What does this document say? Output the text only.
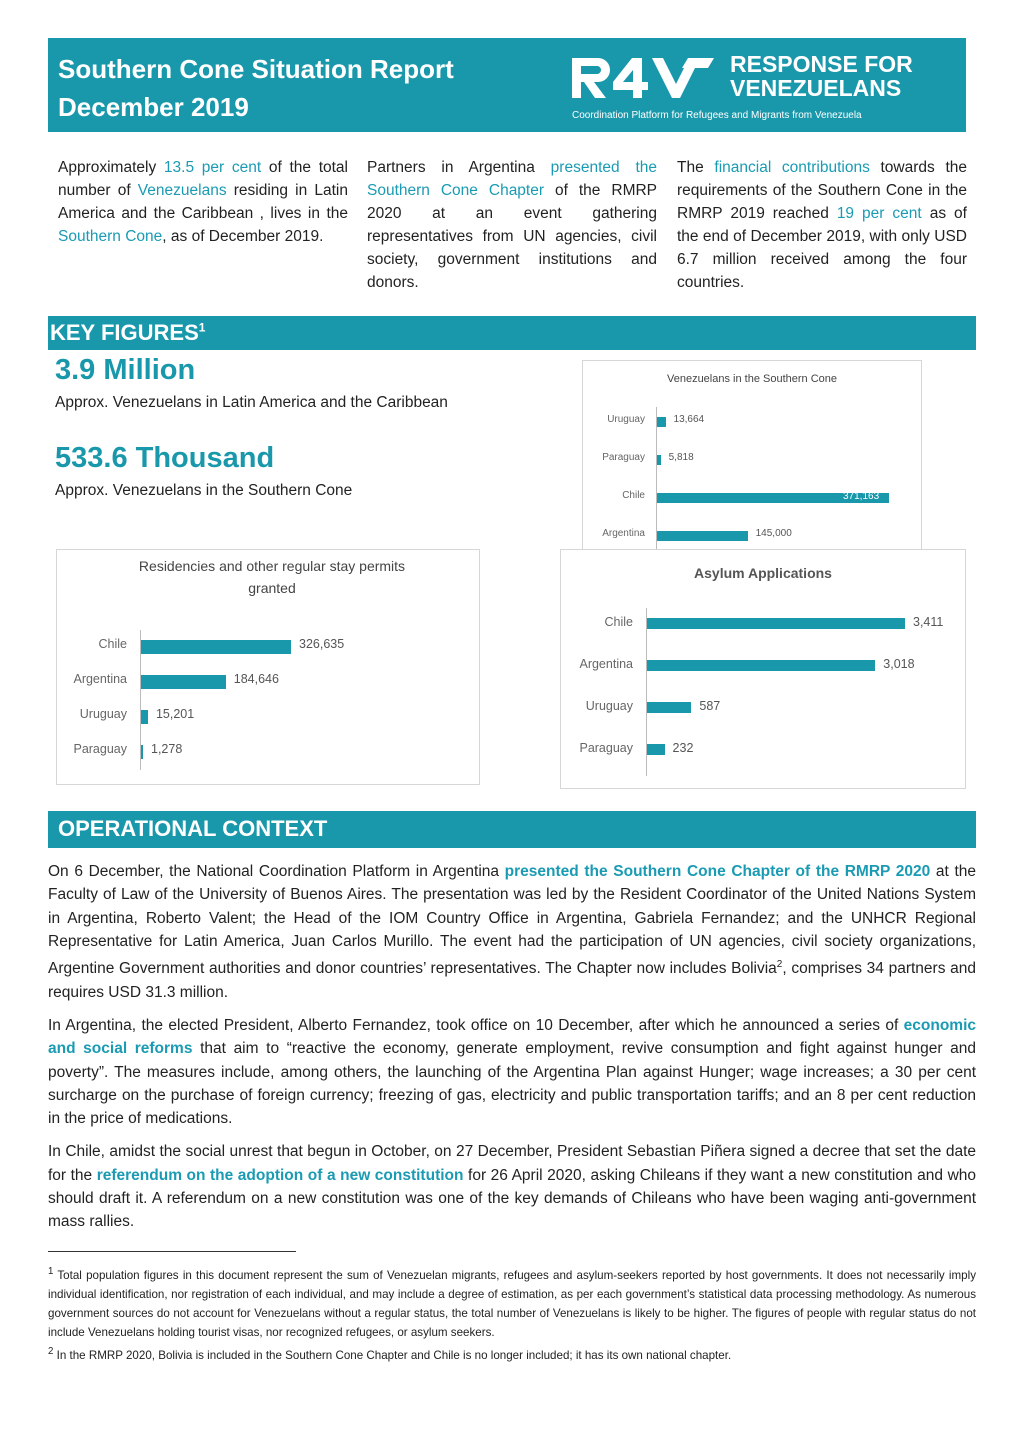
Southern Cone Situation Report
December 2019
RESPONSE FOR
VENEZUELANS
Coordination Platform for Refugees and Migrants from Venezuela
Approximately 13.5 per cent of the total number of Venezuelans residing in Latin America and the Caribbean , lives in the Southern Cone, as of December 2019.
Partners in Argentina presented the Southern Cone Chapter of the RMRP 2020 at an event gathering representatives from UN agencies, civil society, government institutions and donors.
The financial contributions towards the requirements of the Southern Cone in the RMRP 2019 reached 19 per cent as of the end of December 2019, with only USD 6.7 million received among the four countries.
KEY FIGURES$^1$
3.9 Million
Approx. Venezuelans in Latin America and the Caribbean
533.6 Thousand
Approx. Venezuelans in the Southern Cone
Venezuelans in the Southern Cone
Uruguay	13,664
Paraguay 5,818
Chile	371,163
Argentina	145,000
Residencies and other regular stay permits granted
Chile	326,635
Argentina	184,646
Uruguay 15,201
Paraguay 1,278
Asylum Applications
Chile	3,411
Argentina	3,018
Uruguay	587
Paraguay	232
OPERATIONAL CONTEXT

On 6 December, the National Coordination Platform in Argentina presented the Southern Cone Chapter of the RMRP 2020 at the Faculty of Law of the University of Buenos Aires. The presentation was led by the Resident Coordinator of the United Nations System in Argentina, Roberto Valent; the Head of the IOM Country Office in Argentina, Gabriela Fernandez; and the UNHCR Regional Representative for Latin America, Juan Carlos Murillo. The event had the participation of UN agencies, civil society organizations, Argentine Government authorities and donor countries’ representatives. The Chapter now includes Bolivia$^2$, comprises 34 partners and requires USD 31.3 million.

In Argentina, the elected President, Alberto Fernandez, took office on 10 December, after which he announced a series of economic and social reforms that aim to “reactive the economy, generate employment, revive consumption and fight against hunger and poverty”. The measures include, among others, the launching of the Argentina Plan against Hunger; wage increases; a 30 per cent surcharge on the purchase of foreign currency; freezing of gas, electricity and public transportation tariffs; and an 8 per cent reduction in the price of medications.

In Chile, amidst the social unrest that begun in October, on 27 December, President Sebastian Piñera signed a decree that set the date for the referendum on the adoption of a new constitution for 26 April 2020, asking Chileans if they want a new constitution and who should draft it. A referendum on a new constitution was one of the key demands of Chileans who have been waging anti-government mass rallies.

$^1$ Total population figures in this document represent the sum of Venezuelan migrants, refugees and asylum-seekers reported by host governments. It does not necessarily imply individual identification, nor registration of each individual, and may include a degree of estimation, as per each government’s statistical data processing methodology. As numerous government sources do not account for Venezuelans without a regular status, the total number of Venezuelans is likely to be higher. The figures of people with regular status do not include Venezuelans holding tourist visas, nor recognized refugees, or asylum seekers.
$^2$ In the RMRP 2020, Bolivia is included in the Southern Cone Chapter and Chile is no longer included; it has its own national chapter.
